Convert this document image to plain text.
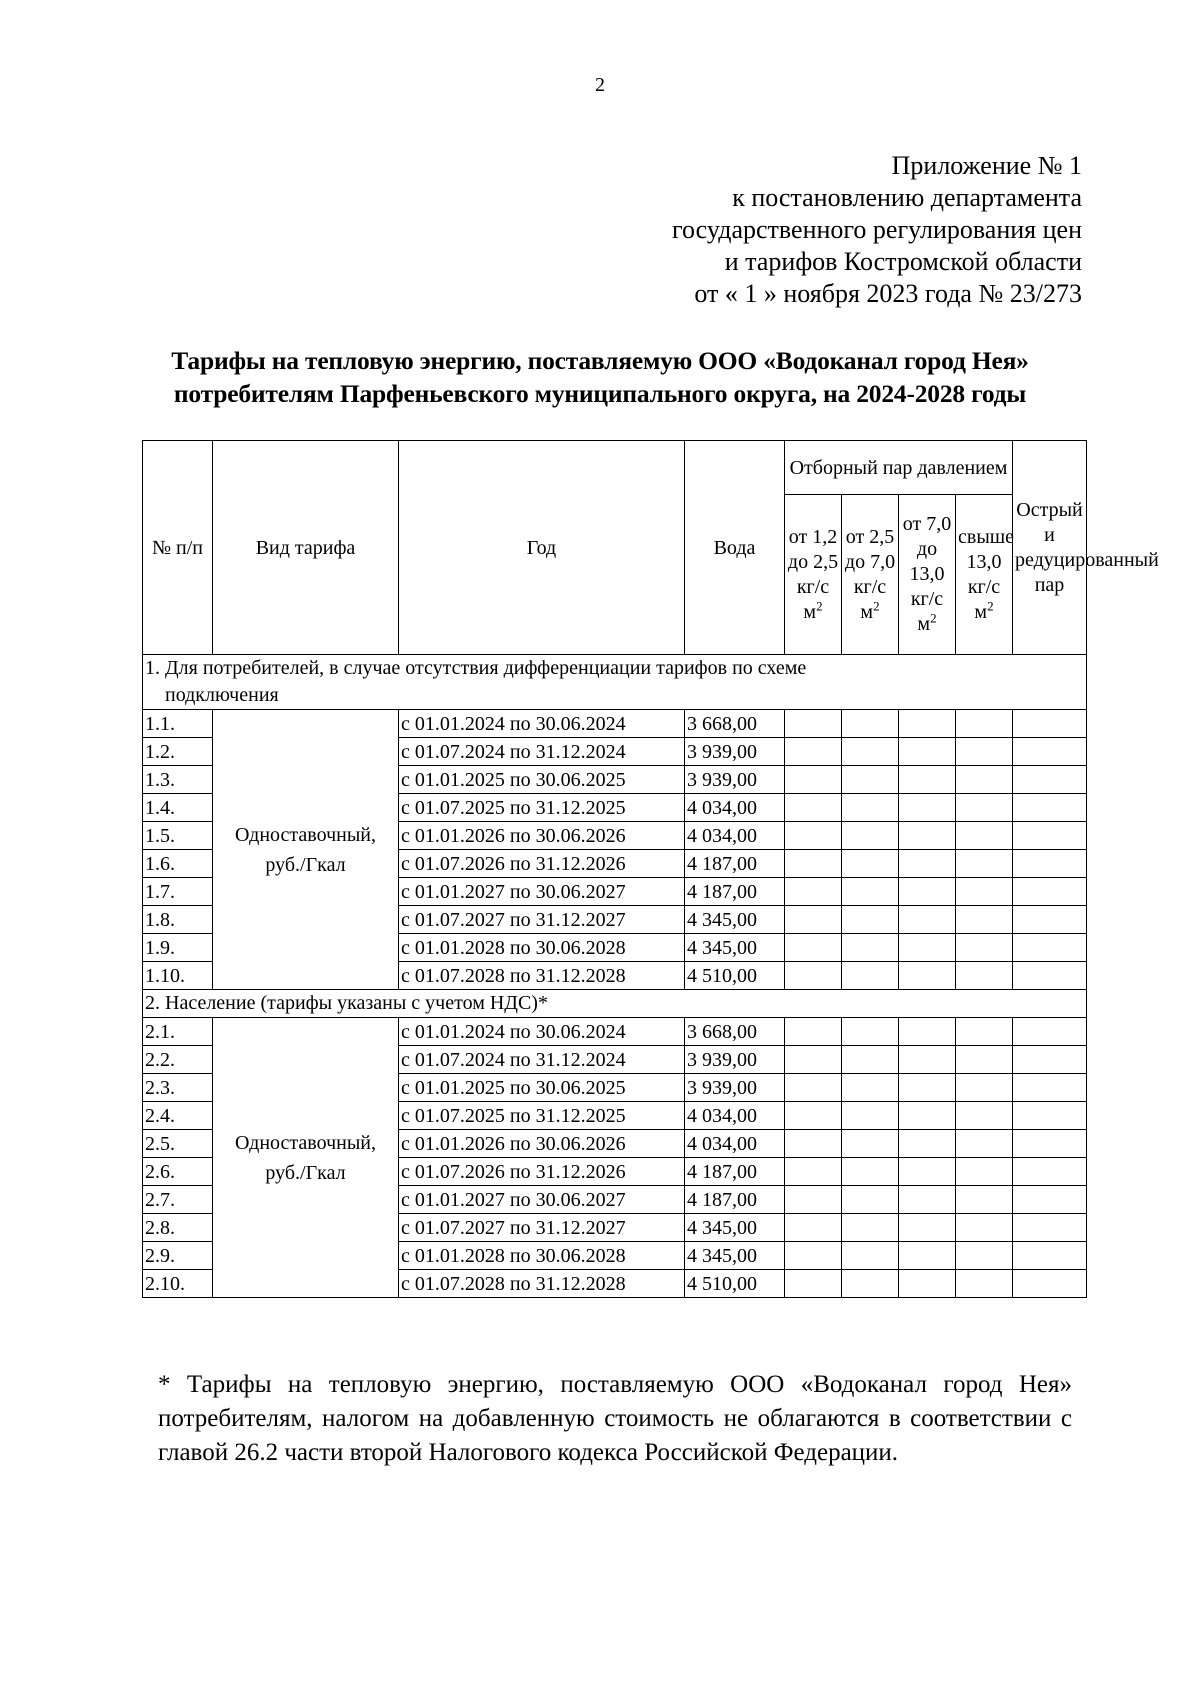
2
Приложение № 1
к постановлению департамента
государственного регулирования цен
и тарифов Костромской области
от « 1 » ноября 2023 года № 23/273
Тарифы на тепловую энергию, поставляемую ООО «Водоканал город Нея»
потребителям Парфеньевского муниципального округа, на 2024-2028 годы
№ п/п	Вид тарифа	Год	Вода	Отборный пар давлением				Острый и редуцированный пар
				от 1,2 до 2,5 кг/с $м^2$	от 2,5 до 7,0 кг/с $м^2$	от 7,0 до 13,0 кг/с $м^2$	свыше 13,0 кг/с $м^2$
1. Для потребителей, в случае отсутствия дифференциации тарифов по схеме
подключения								

1.1.	Одноставочный, руб./Гкал	с 01.01.2024 по 30.06.2024	3 668,00					
1.2.		с 01.07.2024 по 31.12.2024	3 939,00					
1.3.		с 01.01.2025 по 30.06.2025	3 939,00					
1.4.		с 01.07.2025 по 31.12.2025	4 034,00					
1.5.		с 01.01.2026 по 30.06.2026	4 034,00					
1.6.		с 01.07.2026 по 31.12.2026	4 187,00					
1.7.		с 01.01.2027 по 30.06.2027	4 187,00					
1.8.		с 01.07.2027 по 31.12.2027	4 345,00					
1.9.		с 01.01.2028 по 30.06.2028	4 345,00					
1.10.		с 01.07.2028 по 31.12.2028	4 510,00					
2. Население (тарифы указаны с учетом НДС)*								
2.1.	Одноставочный, руб./Гкал	с 01.01.2024 по 30.06.2024	3 668,00					
2.2.		с 01.07.2024 по 31.12.2024	3 939,00					
2.3.		с 01.01.2025 по 30.06.2025	3 939,00					
2.4.		с 01.07.2025 по 31.12.2025	4 034,00					
2.5.		с 01.01.2026 по 30.06.2026	4 034,00					
2.6.		с 01.07.2026 по 31.12.2026	4 187,00					
2.7.		с 01.01.2027 по 30.06.2027	4 187,00					
2.8.		с 01.07.2027 по 31.12.2027	4 345,00					
2.9.		с 01.01.2028 по 30.06.2028	4 345,00					
2.10.		с 01.07.2028 по 31.12.2028	4 510,00					
* Тарифы на тепловую энергию, поставляемую ООО «Водоканал город Нея» потребителям, налогом на добавленную стоимость не облагаются в соответствии с главой 26.2 части второй Налогового кодекса Российской Федерации.
